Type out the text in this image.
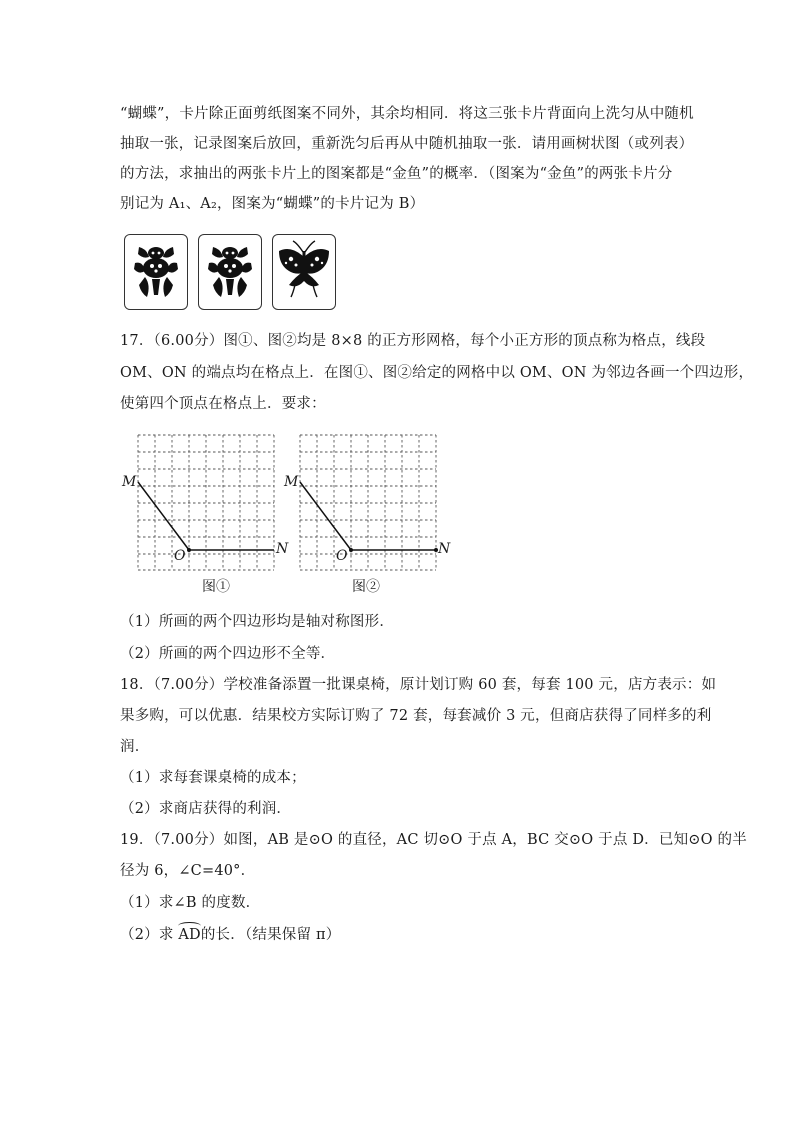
“蝴蝶”，卡片除正面剪纸图案不同外，其余均相同．将这三张卡片背面向上洗匀从中随机
抽取一张，记录图案后放回，重新洗匀后再从中随机抽取一张．请用画树状图（或列表）
的方法，求抽出的两张卡片上的图案都是“金鱼”的概率．（图案为“金鱼”的两张卡片分
别记为 A₁、A₂，图案为“蝴蝶”的卡片记为 B）
17．（6.00分）图①、图②均是 8×8 的正方形网格，每个小正方形的顶点称为格点，线段
OM、ON 的端点均在格点上．在图①、图②给定的网格中以 OM、ON 为邻边各画一个四边形，
使第四个顶点在格点上．要求：
M
O	N
图①
M
O	N
图②
（1）所画的两个四边形均是轴对称图形．
（2）所画的两个四边形不全等．
18．（7.00分）学校准备添置一批课桌椅，原计划订购 60 套，每套 100 元，店方表示：如
果多购，可以优惠．结果校方实际订购了 72 套，每套减价 3 元，但商店获得了同样多的利
润．
（1）求每套课桌椅的成本；
（2）求商店获得的利润．
19．（7.00分）如图，AB 是⊙O 的直径，AC 切⊙O 于点 A，BC 交⊙O 于点 D．已知⊙O 的半
径为 6，∠C=40°．
（1）求∠B 的度数．
（2）求 AD的长．（结果保留 π）
